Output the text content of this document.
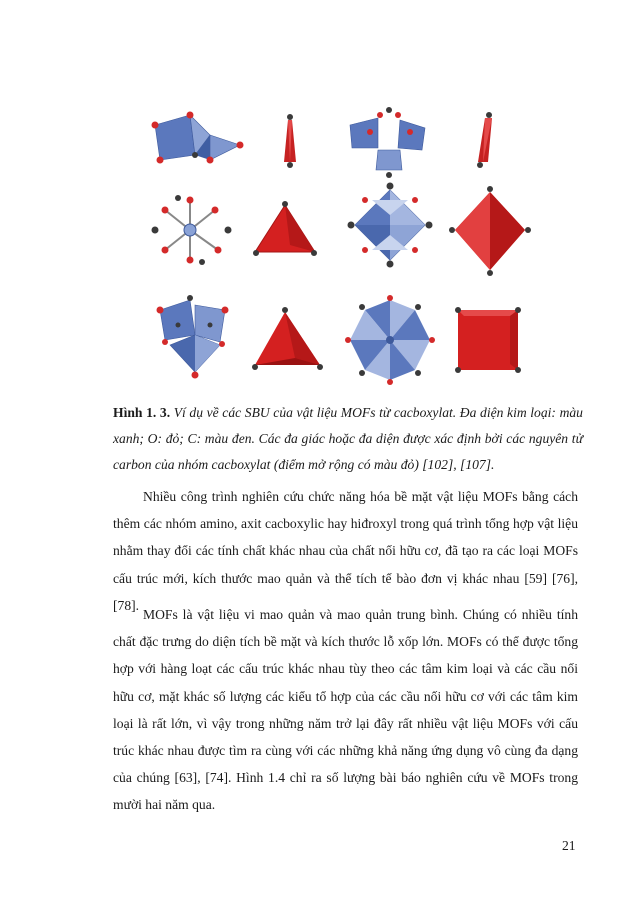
Hình 1. 3. Ví dụ về các SBU của vật liệu MOFs từ cacboxylat. Đa diện kim loại: màu xanh; O: đỏ; C: màu đen. Các đa giác hoặc đa diện được xác định bởi các nguyên tử carbon của nhóm cacboxylat (điểm mở rộng có màu đỏ) [102], [107].

Nhiều công trình nghiên cứu chức năng hóa bề mặt vật liệu MOFs bằng cách thêm các nhóm amino, axit cacboxylic hay hiđroxyl trong quá trình tổng hợp vật liệu nhằm thay đổi các tính chất khác nhau của chất nối hữu cơ, đã tạo ra các loại MOFs cấu trúc mới, kích thước mao quản và thể tích tế bào đơn vị khác nhau [59] [76], [78].

MOFs là vật liệu vi mao quản và mao quản trung bình. Chúng có nhiều tính chất đặc trưng do diện tích bề mặt và kích thước lỗ xốp lớn. MOFs có thể được tổng hợp với hàng loạt các cấu trúc khác nhau tùy theo các tâm kim loại và các cầu nối hữu cơ, mặt khác số lượng các kiểu tổ hợp của các cầu nối hữu cơ với các tâm kim loại là rất lớn, vì vậy trong những năm trở lại đây rất nhiều vật liệu MOFs với cấu trúc khác nhau được tìm ra cùng với các những khả năng ứng dụng vô cùng đa dạng của chúng [63], [74]. Hình 1.4 chỉ ra số lượng bài báo nghiên cứu về MOFs trong mười hai năm qua.

21
